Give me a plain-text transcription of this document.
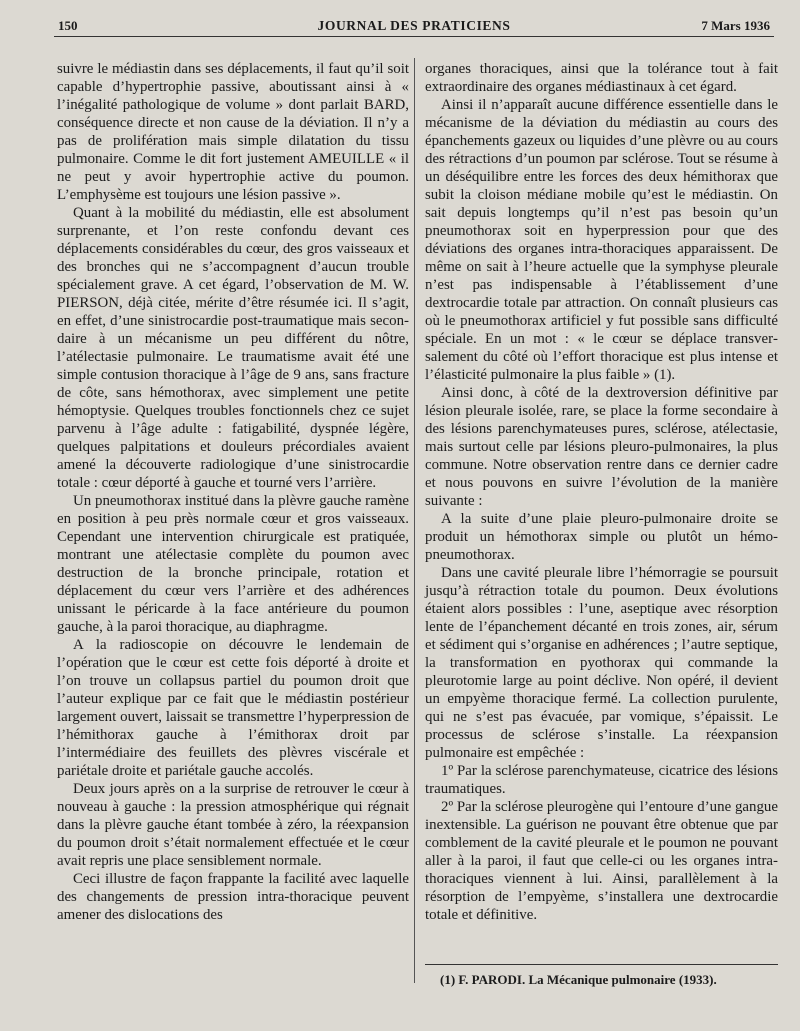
150	JOURNAL DES PRATICIENS	7 Mars 1936

suivre le médiastin dans ses déplacements, il faut qu’il soit capable d’hypertrophie passive, aboutissant ainsi à « l’inégalité pathologique de volume » dont parlait BARD, conséquence directe et non cause de la déviation. Il n’y a pas de prolifération mais simple dilatation du tissu pulmonaire. Comme le dit fort justement AMEUILLE « il ne peut y avoir hypertrophie active du poumon. L’emphysème est toujours une lésion passive ».

Quant à la mobilité du médiastin, elle est absolument surprenante, et l’on reste confondu devant ces déplacements considérables du cœur, des gros vaisseaux et des bronches qui ne s’accompagnent d’aucun trouble spécialement grave. A cet égard, l’observation de M. W. PIERSON, déjà citée, mérite d’être résumée ici. Il s’agit, en effet, d’une sinistrocardie post-traumatique mais secondaire à un mécanisme un peu différent du nôtre, l’atélectasie pulmonaire. Le traumatisme avait été une simple contusion thoracique à l’âge de 9 ans, sans fracture de côte, sans hémothorax, avec simplement une petite hémoptysie. Quelques troubles fonctionnels chez ce sujet parvenu à l’âge adulte : fatigabilité, dyspnée légère, quelques palpitations et douleurs précordiales avaient amené la découverte radiologique d’une sinistrocardie totale : cœur déporté à gauche et tourné vers l’arrière.

Un pneumothorax institué dans la plèvre gauche ramène en position à peu près normale cœur et gros vaisseaux. Cependant une intervention chirurgicale est pratiquée, montrant une atélectasie complète du poumon avec destruction de la bronche principale, rotation et déplacement du cœur vers l’arrière et des adhérences unissant le péricarde à la face antérieure du poumon gauche, à la paroi thoracique, au diaphragme.

A la radioscopie on découvre le lendemain de l’opération que le cœur est cette fois déporté à droite et l’on trouve un collapsus partiel du poumon droit que l’auteur explique par ce fait que le médiastin postérieur largement ouvert, laissait se transmettre l’hyperpression de l’hémithorax gauche à l’émithorax droit par l’intermédiaire des feuillets des plèvres viscérale et pariétale droite et pariétale gauche accolés.

Deux jours après on a la surprise de retrouver le cœur à nouveau à gauche : la pression atmosphérique qui régnait dans la plèvre gauche étant tombée à zéro, la réexpansion du poumon droit s’était normalement effectuée et le cœur avait repris une place sensiblement normale.

Ceci illustre de façon frappante la facilité avec laquelle des changements de pression intra-thoracique peuvent amener des dislocations des

organes thoraciques, ainsi que la tolérance tout à fait extraordinaire des organes médiastinaux à cet égard.

Ainsi il n’apparaît aucune différence essentielle dans le mécanisme de la déviation du médiastin au cours des épanchements gazeux ou liquides d’une plèvre ou au cours des rétractions d’un poumon par sclérose. Tout se résume à un déséquilibre entre les forces des deux hémithorax que subit la cloison médiane mobile qu’est le médiastin. On sait depuis longtemps qu’il n’est pas besoin qu’un pneumothorax soit en hyperpression pour que des déviations des organes intra-thoraciques apparaissent. De même on sait à l’heure actuelle que la symphyse pleurale n’est pas indispensable à l’établissement d’une dextrocardie totale par attraction. On connaît plusieurs cas où le pneumothorax artificiel y fut possible sans difficulté spéciale. En un mot : « le cœur se déplace transversalement du côté où l’effort thoracique est plus intense et l’élasticité pulmonaire la plus faible » (1).

Ainsi donc, à côté de la dextroversion définitive par lésion pleurale isolée, rare, se place la forme secondaire à des lésions parenchymateuses pures, sclérose, atélectasie, mais surtout celle par lésions pleuro-pulmonaires, la plus commune. Notre observation rentre dans ce dernier cadre et nous pouvons en suivre l’évolution de la manière suivante :

A la suite d’une plaie pleuro-pulmonaire droite se produit un hémothorax simple ou plutôt un hémo-pneumothorax.

Dans une cavité pleurale libre l’hémorragie se poursuit jusqu’à rétraction totale du poumon. Deux évolutions étaient alors possibles : l’une, aseptique avec résorption lente de l’épanchement décanté en trois zones, air, sérum et sédiment qui s’organise en adhérences ; l’autre septique, la transformation en pyothorax qui commande la pleurotomie large au point déclive. Non opéré, il devient un empyème thoracique fermé. La collection purulente, qui ne s’est pas évacuée, par vomique, s’épaissit. Le processus de sclérose s’installe. La réexpansion pulmonaire est empêchée :

1º Par la sclérose parenchymateuse, cicatrice des lésions traumatiques.

2º Par la sclérose pleurogène qui l’entoure d’une gangue inextensible. La guérison ne pouvant être obtenue que par comblement de la cavité pleurale et le poumon ne pouvant aller à la paroi, il faut que celle-ci ou les organes intra-thoraciques viennent à lui. Ainsi, parallèlement à la résorption de l’empyème, s’installera une dextrocardie totale et définitive.

(1) F. PARODI. La Mécanique pulmonaire (1933).
